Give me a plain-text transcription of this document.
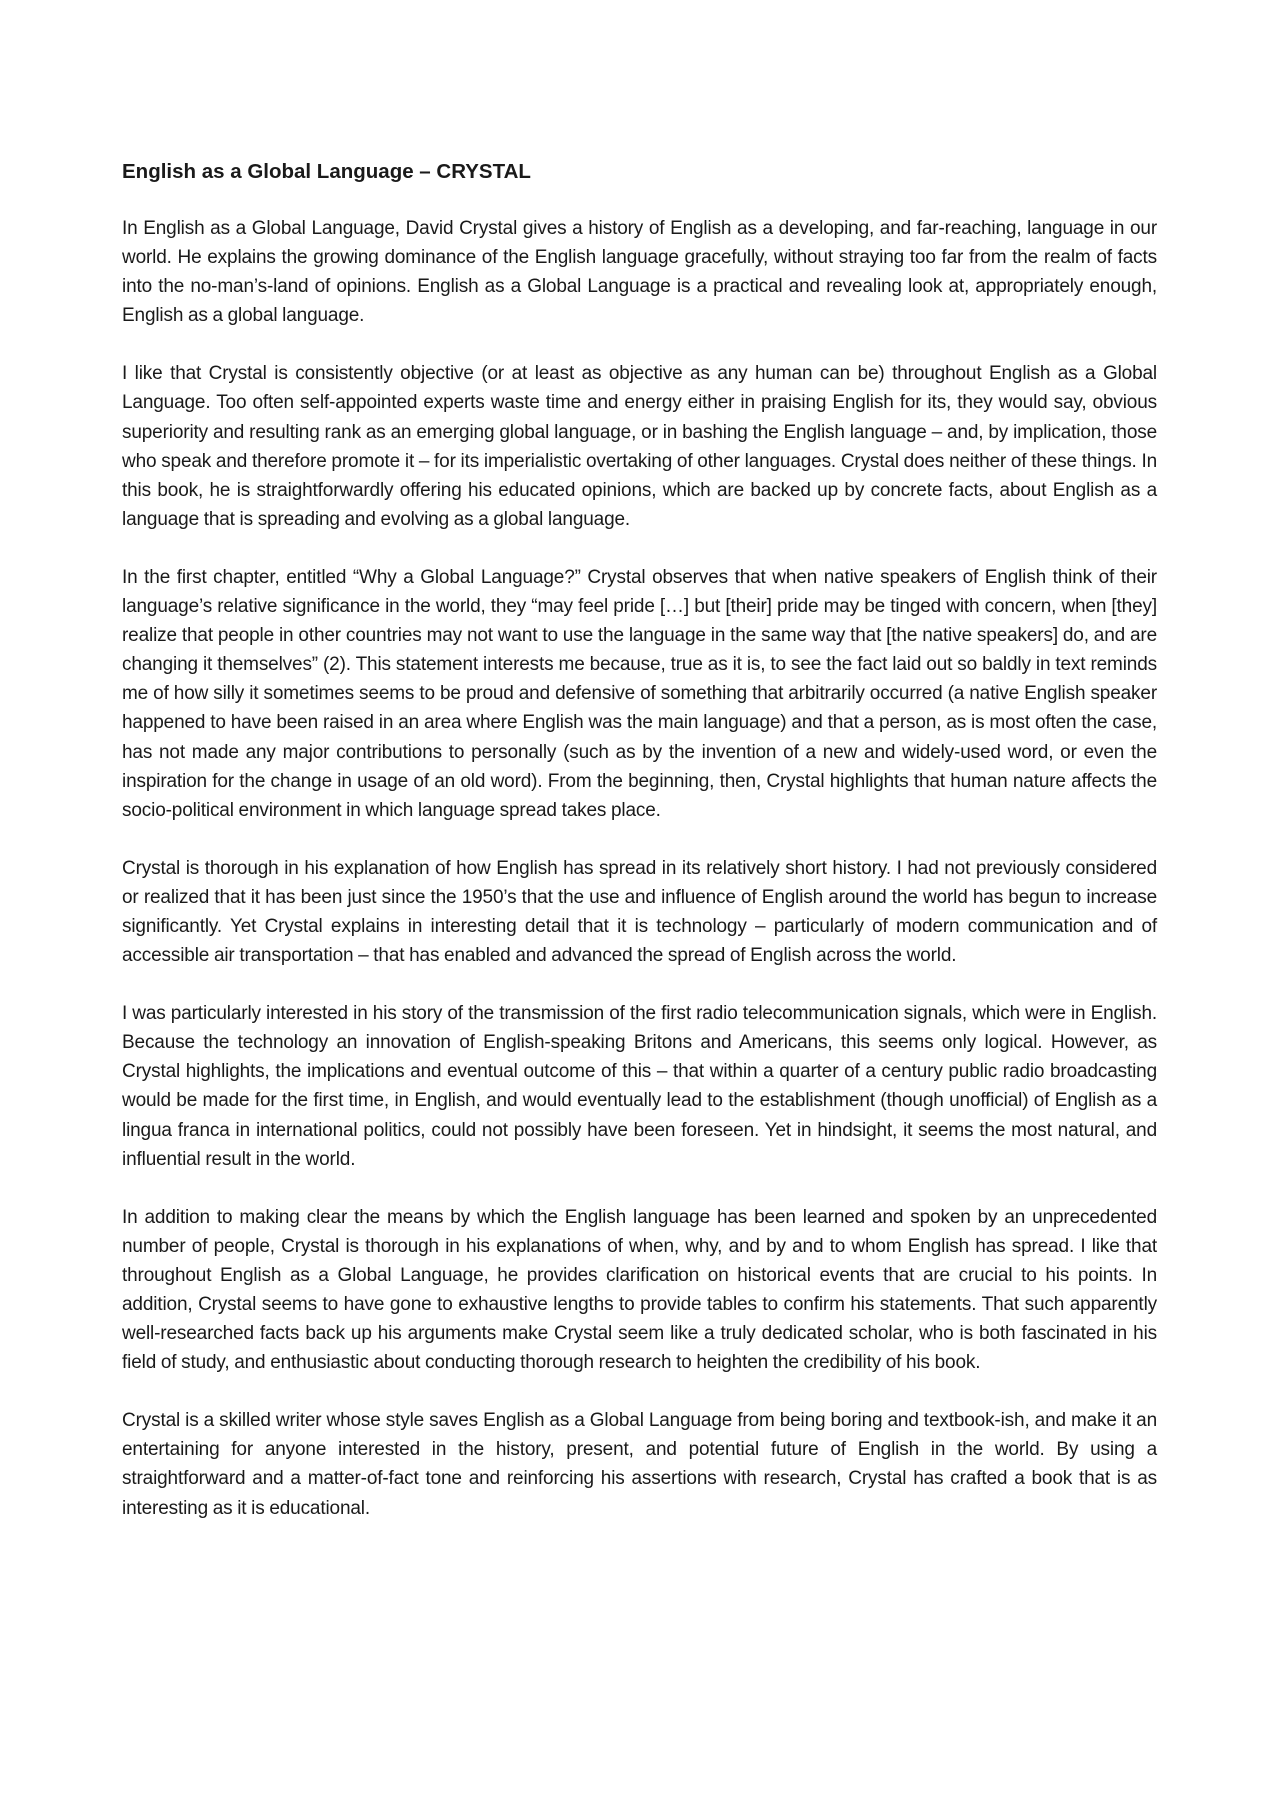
English as a Global Language – CRYSTAL

In English as a Global Language, David Crystal gives a history of English as a developing, and far-reaching, language in our world. He explains the growing dominance of the English language gracefully, without straying too far from the realm of facts into the no-man’s-land of opinions. English as a Global Language is a practical and revealing look at, appropriately enough, English as a global language.

I like that Crystal is consistently objective (or at least as objective as any human can be) throughout English as a Global Language. Too often self-appointed experts waste time and energy either in praising English for its, they would say, obvious superiority and resulting rank as an emerging global language, or in bashing the English language – and, by implication, those who speak and therefore promote it – for its imperialistic overtaking of other languages. Crystal does neither of these things. In this book, he is straightforwardly offering his educated opinions, which are backed up by concrete facts, about English as a language that is spreading and evolving as a global language.

In the first chapter, entitled “Why a Global Language?” Crystal observes that when native speakers of English think of their language’s relative significance in the world, they “may feel pride […] but [their] pride may be tinged with concern, when [they] realize that people in other countries may not want to use the language in the same way that [the native speakers] do, and are changing it themselves” (2). This statement interests me because, true as it is, to see the fact laid out so baldly in text reminds me of how silly it sometimes seems to be proud and defensive of something that arbitrarily occurred (a native English speaker happened to have been raised in an area where English was the main language) and that a person, as is most often the case, has not made any major contributions to personally (such as by the invention of a new and widely-used word, or even the inspiration for the change in usage of an old word). From the beginning, then, Crystal highlights that human nature affects the socio-political environment in which language spread takes place.

Crystal is thorough in his explanation of how English has spread in its relatively short history. I had not previously considered or realized that it has been just since the 1950’s that the use and influence of English around the world has begun to increase significantly. Yet Crystal explains in interesting detail that it is technology – particularly of modern communication and of accessible air transportation – that has enabled and advanced the spread of English across the world.

I was particularly interested in his story of the transmission of the first radio telecommunication signals, which were in English. Because the technology an innovation of English-speaking Britons and Americans, this seems only logical. However, as Crystal highlights, the implications and eventual outcome of this – that within a quarter of a century public radio broadcasting would be made for the first time, in English, and would eventually lead to the establishment (though unofficial) of English as a lingua franca in international politics, could not possibly have been foreseen. Yet in hindsight, it seems the most natural, and influential result in the world.

In addition to making clear the means by which the English language has been learned and spoken by an unprecedented number of people, Crystal is thorough in his explanations of when, why, and by and to whom English has spread. I like that throughout English as a Global Language, he provides clarification on historical events that are crucial to his points. In addition, Crystal seems to have gone to exhaustive lengths to provide tables to confirm his statements. That such apparently well-researched facts back up his arguments make Crystal seem like a truly dedicated scholar, who is both fascinated in his field of study, and enthusiastic about conducting thorough research to heighten the credibility of his book.

Crystal is a skilled writer whose style saves English as a Global Language from being boring and textbook-ish, and make it an entertaining for anyone interested in the history, present, and potential future of English in the world. By using a straightforward and a matter-of-fact tone and reinforcing his assertions with research, Crystal has crafted a book that is as interesting as it is educational.
